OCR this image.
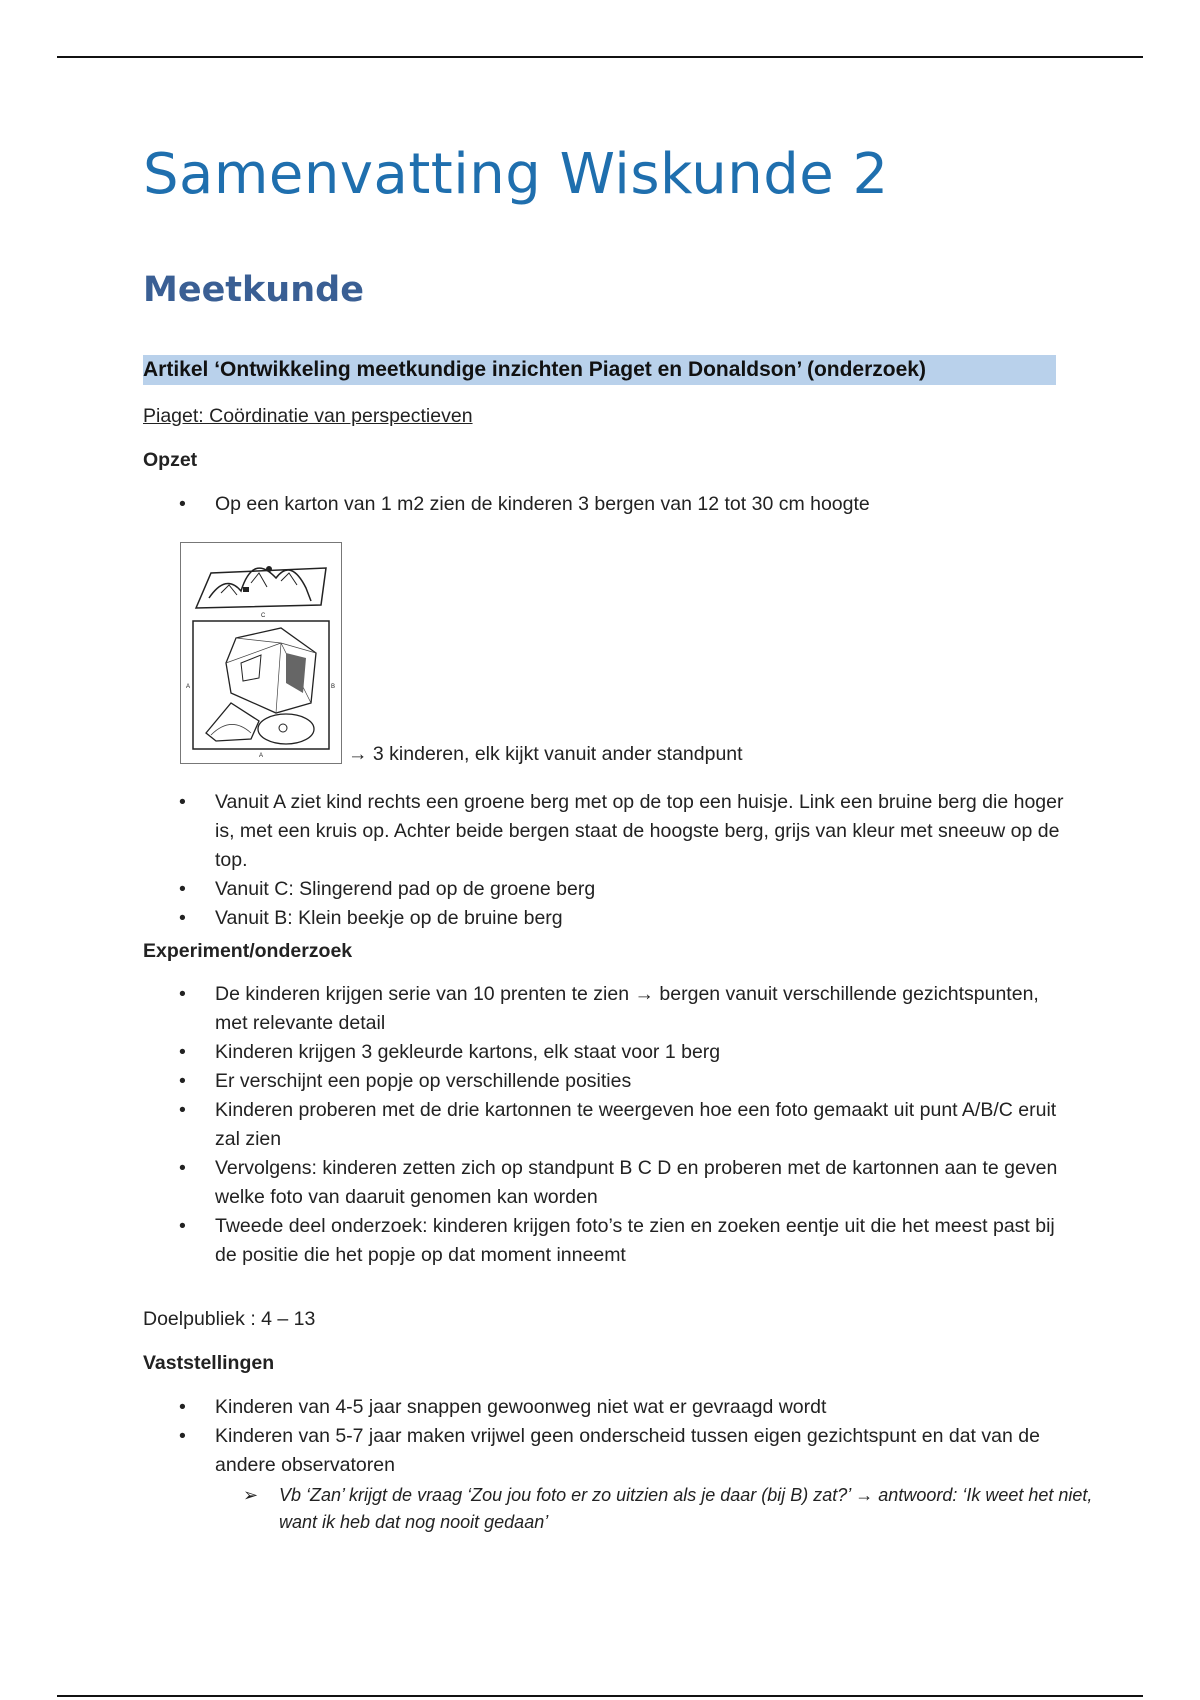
Samenvatting Wiskunde 2
Meetkunde
Artikel ‘Ontwikkeling meetkundige inzichten Piaget en Donaldson’ (onderzoek)
Piaget: Coördinatie van perspectieven
Opzet
• Op een karton van 1 m2 zien de kinderen 3 bergen van 12 tot 30 cm hoogte
C
A	B
A	→ 3 kinderen, elk kijkt vanuit ander standpunt
• Vanuit A ziet kind rechts een groene berg met op de top een huisje. Link een bruine berg die hoger is, met een kruis op. Achter beide bergen staat de hoogste berg, grijs van kleur met sneeuw op de top.
• Vanuit C: Slingerend pad op de groene berg
• Vanuit B: Klein beekje op de bruine berg
Experiment/onderzoek
• De kinderen krijgen serie van 10 prenten te zien → bergen vanuit verschillende gezichtspunten, met relevante detail
• Kinderen krijgen 3 gekleurde kartons, elk staat voor 1 berg
• Er verschijnt een popje op verschillende posities
• Kinderen proberen met de drie kartonnen te weergeven hoe een foto gemaakt uit punt A/B/C eruit zal zien
• Vervolgens: kinderen zetten zich op standpunt B C D en proberen met de kartonnen aan te geven welke foto van daaruit genomen kan worden
• Tweede deel onderzoek: kinderen krijgen foto’s te zien en zoeken eentje uit die het meest past bij de positie die het popje op dat moment inneemt
Doelpubliek : 4 – 13
Vaststellingen
• Kinderen van 4-5 jaar snappen gewoonweg niet wat er gevraagd wordt
• Kinderen van 5-7 jaar maken vrijwel geen onderscheid tussen eigen gezichtspunt en dat van de andere observatoren
➢ Vb ‘Zan’ krijgt de vraag ‘Zou jou foto er zo uitzien als je daar (bij B) zat?’ → antwoord: ‘Ik weet het niet, want ik heb dat nog nooit gedaan’
